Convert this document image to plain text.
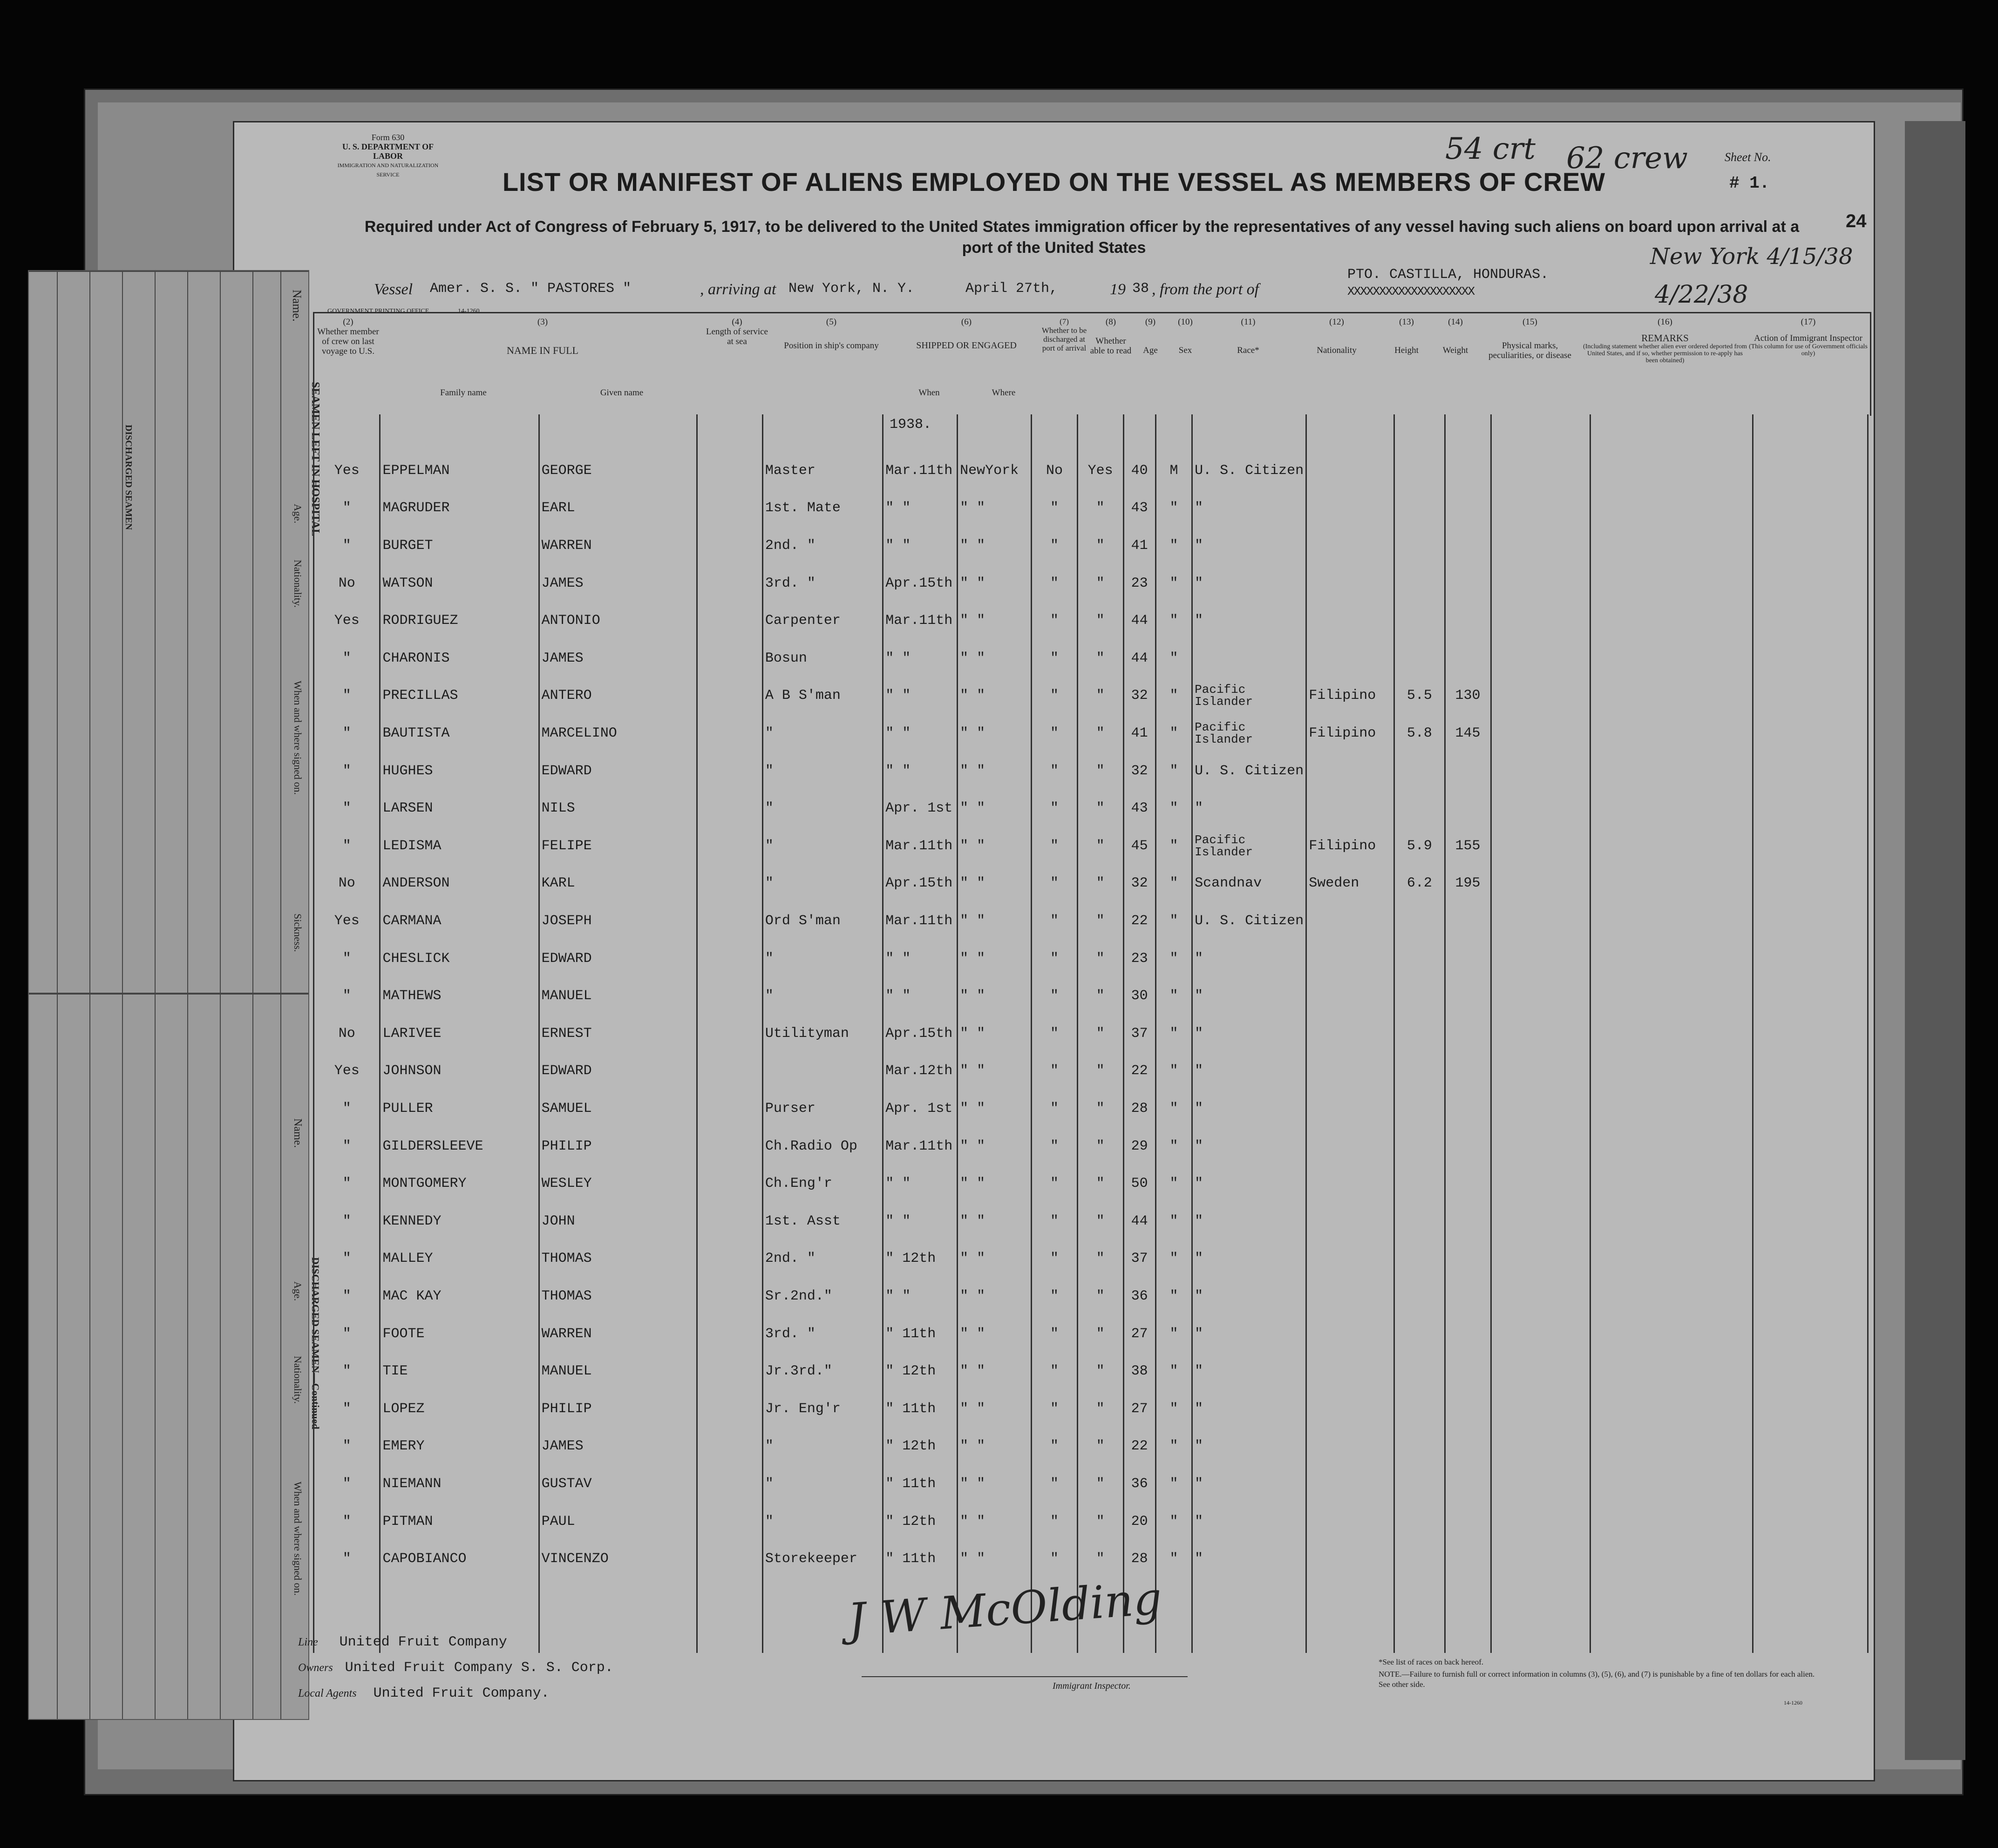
Form 630
U. S. DEPARTMENT OF LABOR
IMMIGRATION AND NATURALIZATION SERVICE	LIST OR MANIFEST OF ALIENS EMPLOYED ON THE VESSEL AS MEMBERS OF CREW
Required under Act of Congress of February 5, 1917, to be delivered to the United States immigration officer by the representatives of any vessel having such aliens on board upon arrival at a
port of the United States
Sheet No.
54 crt 62 crew
# 1.
24
New York 4/15/38
4/22/38
Vessel Amer. S. S. " PASTORES "	, arriving at New York, N. Y.	April 27th,	19 38 , from the port of
PTO. CASTILLA, HONDURAS.
XXXXXXXXXXXXXXXXXXXX
GOVERNMENT PRINTING OFFICE	14-1260
Name.
Age.
Nationality.
When and where signed on.
Sickness.
DISCHARGED SEAMEN
Name.
Age.
Nationality.
When and where signed on.
SEAMEN LEFT IN HOSPITAL
DISCHARGED SEAMEN—Continued
(2)
Whether member of crew on last voyage to U.S.
(3)
NAME IN FULL
Family name	Given name
(4)
Length of service at sea
(5)
Position in ship's company
(6)
SHIPPED OR ENGAGED
When	Where
(7)
Whether to be discharged at port of arrival
(8)
Whether able to read
(9)
Age
(10)
Sex
(11)
Race*
(12)
Nationality
(13)
Height
(14)
Weight
(15)
Physical marks, peculiarities, or disease
(16)
REMARKS
(Including statement whether alien ever ordered deported from United States, and if so, whether permission to re-apply has been obtained)
(17)
Action of Immigrant Inspector
(This column for use of Government officials only)

Yes	EPPELMAN	GEORGE		Master	Mar.11th	NewYork	No	Yes	40	M	U. S. Citizen						
"	MAGRUDER	EARL		1st. Mate	" "	" "	"	"	43	"	"						
"	BURGET	WARREN		2nd. "	" "	" "	"	"	41	"	"						
No	WATSON	JAMES		3rd. "	Apr.15th	" "	"	"	23	"	"						
Yes	RODRIGUEZ	ANTONIO		Carpenter	Mar.11th	" "	"	"	44	"	"						
"	CHARONIS	JAMES		Bosun	" "	" "	"	"	44	"							
"	PRECILLAS	ANTERO		A B S'man	" "	" "	"	"	32	"	Pacific Islander	Filipino	5.5	130			
"	BAUTISTA	MARCELINO		"	" "	" "	"	"	41	"	Pacific Islander	Filipino	5.8	145			
"	HUGHES	EDWARD		"	" "	" "	"	"	32	"	U. S. Citizen						
"	LARSEN	NILS		"	Apr. 1st	" "	"	"	43	"	"						
"	LEDISMA	FELIPE		"	Mar.11th	" "	"	"	45	"	Pacific Islander	Filipino	5.9	155			
No	ANDERSON	KARL		"	Apr.15th	" "	"	"	32	"	Scandnav	Sweden	6.2	195			
Yes	CARMANA	JOSEPH		Ord S'man	Mar.11th	" "	"	"	22	"	U. S. Citizen						
"	CHESLICK	EDWARD		"	" "	" "	"	"	23	"	"						
"	MATHEWS	MANUEL		"	" "	" "	"	"	30	"	"						
No	LARIVEE	ERNEST		Utilityman	Apr.15th	" "	"	"	37	"	"						
Yes	JOHNSON	EDWARD			Mar.12th	" "	"	"	22	"	"						
"	PULLER	SAMUEL		Purser	Apr. 1st	" "	"	"	28	"	"						
"	GILDERSLEEVE	PHILIP		Ch.Radio Op	Mar.11th	" "	"	"	29	"	"						
"	MONTGOMERY	WESLEY		Ch.Eng'r	" "	" "	"	"	50	"	"						
"	KENNEDY	JOHN		1st. Asst	" "	" "	"	"	44	"	"						
"	MALLEY	THOMAS		2nd. "	" 12th	" "	"	"	37	"	"						
"	MAC KAY	THOMAS		Sr.2nd."	" "	" "	"	"	36	"	"						
"	FOOTE	WARREN		3rd. "	" 11th	" "	"	"	27	"	"						
"	TIE	MANUEL		Jr.3rd."	" 12th	" "	"	"	38	"	"						
"	LOPEZ	PHILIP		Jr. Eng'r	" 11th	" "	"	"	27	"	"						
"	EMERY	JAMES		"	" 12th	" "	"	"	22	"	"						
"	NIEMANN	GUSTAV		"	" 11th	" "	"	"	36	"	"						
"	PITMAN	PAUL		"	" 12th	" "	"	"	20	"	"						
"	CAPOBIANCO	VINCENZO		Storekeeper	" 11th	" "	"	"	28	"	"						

1938.
J W McOlding
Immigrant Inspector.
Line United Fruit Company
Owners United Fruit Company S. S. Corp.
Local Agents United Fruit Company.
*See list of races on back hereof.
NOTE.—Failure to furnish full or correct information in columns (3), (5), (6), and (7) is punishable by a fine of ten dollars for each alien. See other side.
14-1260
